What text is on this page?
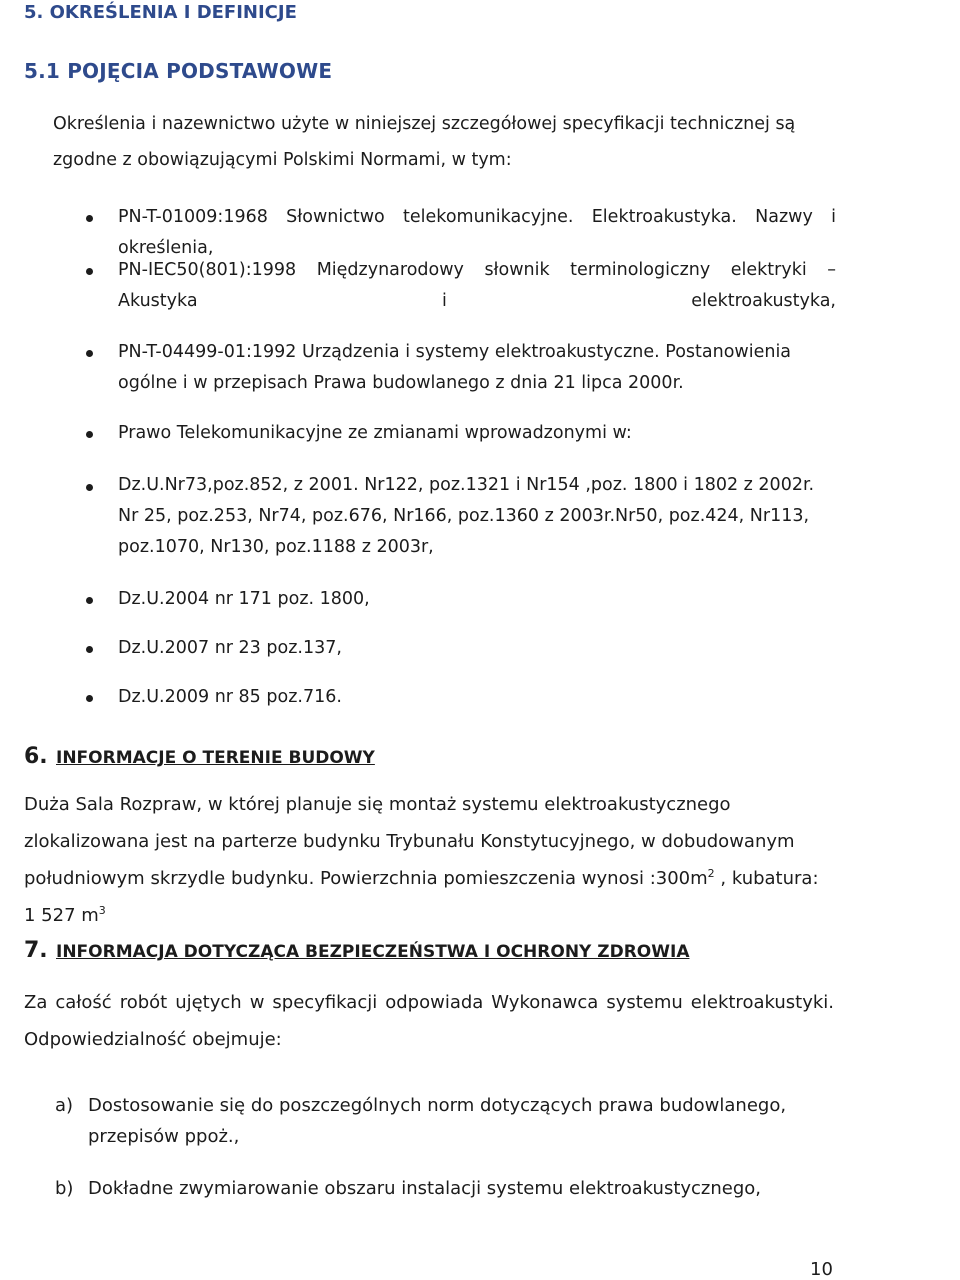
5. OKREŚLENIA I DEFINICJE
5.1 POJĘCIA PODSTAWOWE
Określenia i nazewnictwo użyte w niniejszej szczegółowej specyfikacji technicznej są zgodne z obowiązującymi Polskimi Normami, w tym:
PN-T-01009:1968 Słownictwo telekomunikacyjne. Elektroakustyka. Nazwy i określenia,
PN-IEC50(801):1998 Międzynarodowy słownik terminologiczny elektryki – Akustyka i elektroakustyka,
PN-T-04499-01:1992 Urządzenia i systemy elektroakustyczne. Postanowienia ogólne i w przepisach Prawa budowlanego z dnia 21 lipca 2000r.
Prawo Telekomunikacyjne ze zmianami wprowadzonymi w:
Dz.U.Nr73,poz.852, z 2001. Nr122, poz.1321 i Nr154 ,poz. 1800 i 1802 z 2002r. Nr 25, poz.253, Nr74, poz.676, Nr166, poz.1360 z 2003r.Nr50, poz.424, Nr113, poz.1070, Nr130, poz.1188 z 2003r,
Dz.U.2004 nr 171 poz. 1800,
Dz.U.2007 nr 23 poz.137,
Dz.U.2009 nr 85 poz.716.
6. INFORMACJE O TERENIE BUDOWY
Duża Sala Rozpraw, w której planuje się montaż systemu elektroakustycznego zlokalizowana jest na parterze budynku Trybunału Konstytucyjnego, w dobudowanym południowym skrzydle budynku. Powierzchnia pomieszczenia wynosi $:300m^2$ , kubatura: 1 527 $m^3$
7. INFORMACJA DOTYCZĄCA BEZPIECZEŃSTWA I OCHRONY ZDROWIA
Za całość robót ujętych w specyfikacji odpowiada Wykonawca systemu elektroakustyki. Odpowiedzialność obejmuje:
a) Dostosowanie się do poszczególnych norm dotyczących prawa budowlanego, przepisów ppoż.,
b) Dokładne zwymiarowanie obszaru instalacji systemu elektroakustycznego,
10
